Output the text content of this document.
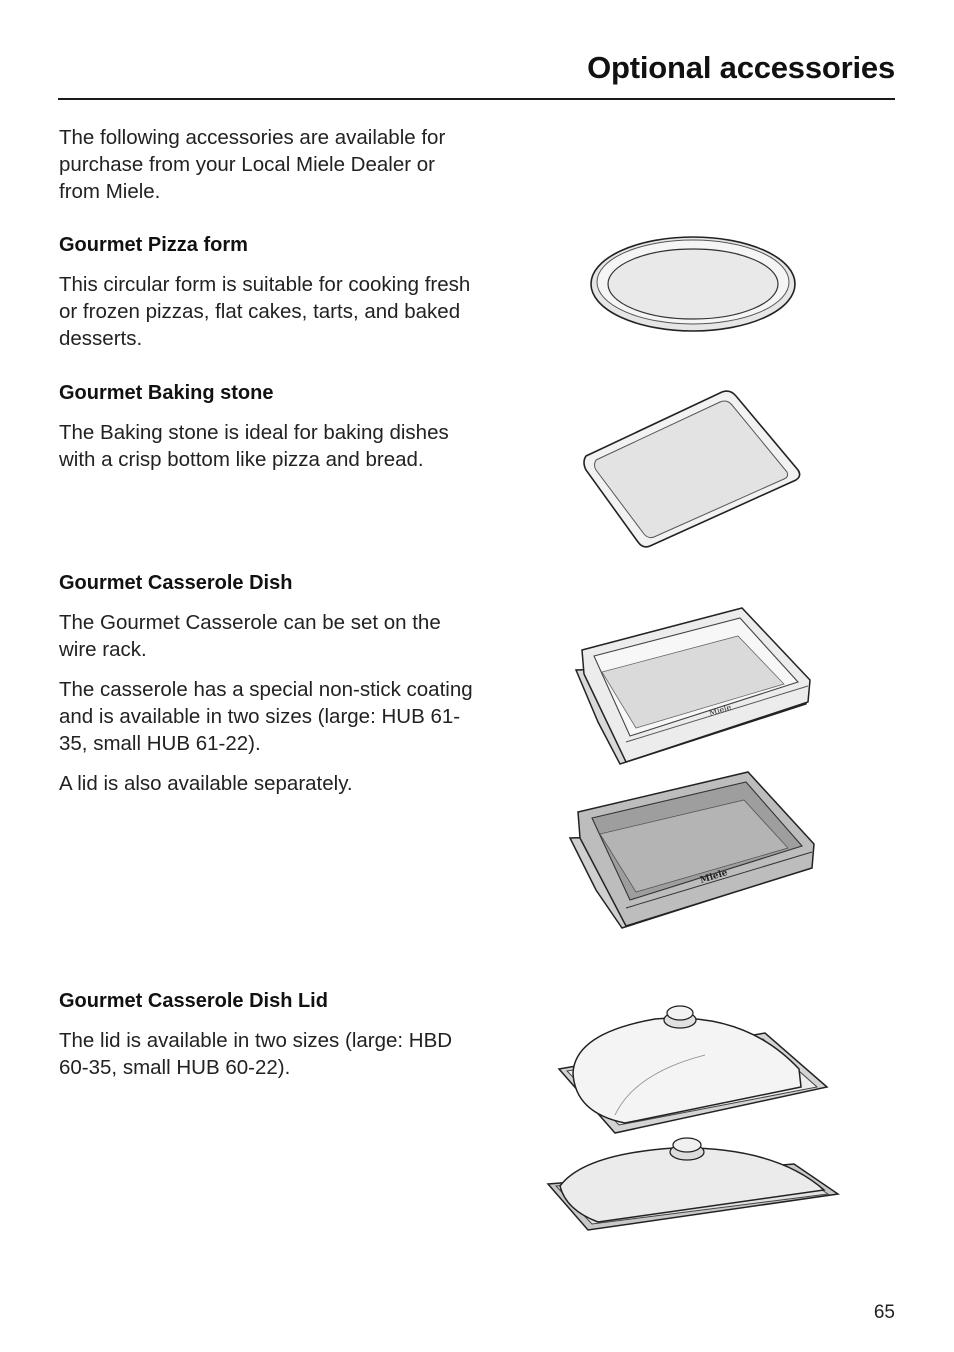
Optional accessories

The following accessories are available for purchase from your Local Miele Dealer or from Miele.

Gourmet Pizza form

This circular form is suitable for cooking fresh or frozen pizzas, flat cakes, tarts, and baked desserts.

Gourmet Baking stone

The Baking stone is ideal for baking dishes with a crisp bottom like pizza and bread.

Gourmet Casserole Dish

The Gourmet Casserole can be set on the wire rack.

The casserole has a special non-stick coating and is available in two sizes (large: HUB 61-35, small HUB 61-22).

A lid is also available separately.

Gourmet Casserole Dish Lid

The lid is available in two sizes (large: HBD 60-35, small HUB 60-22).

Miele
Miele
65
